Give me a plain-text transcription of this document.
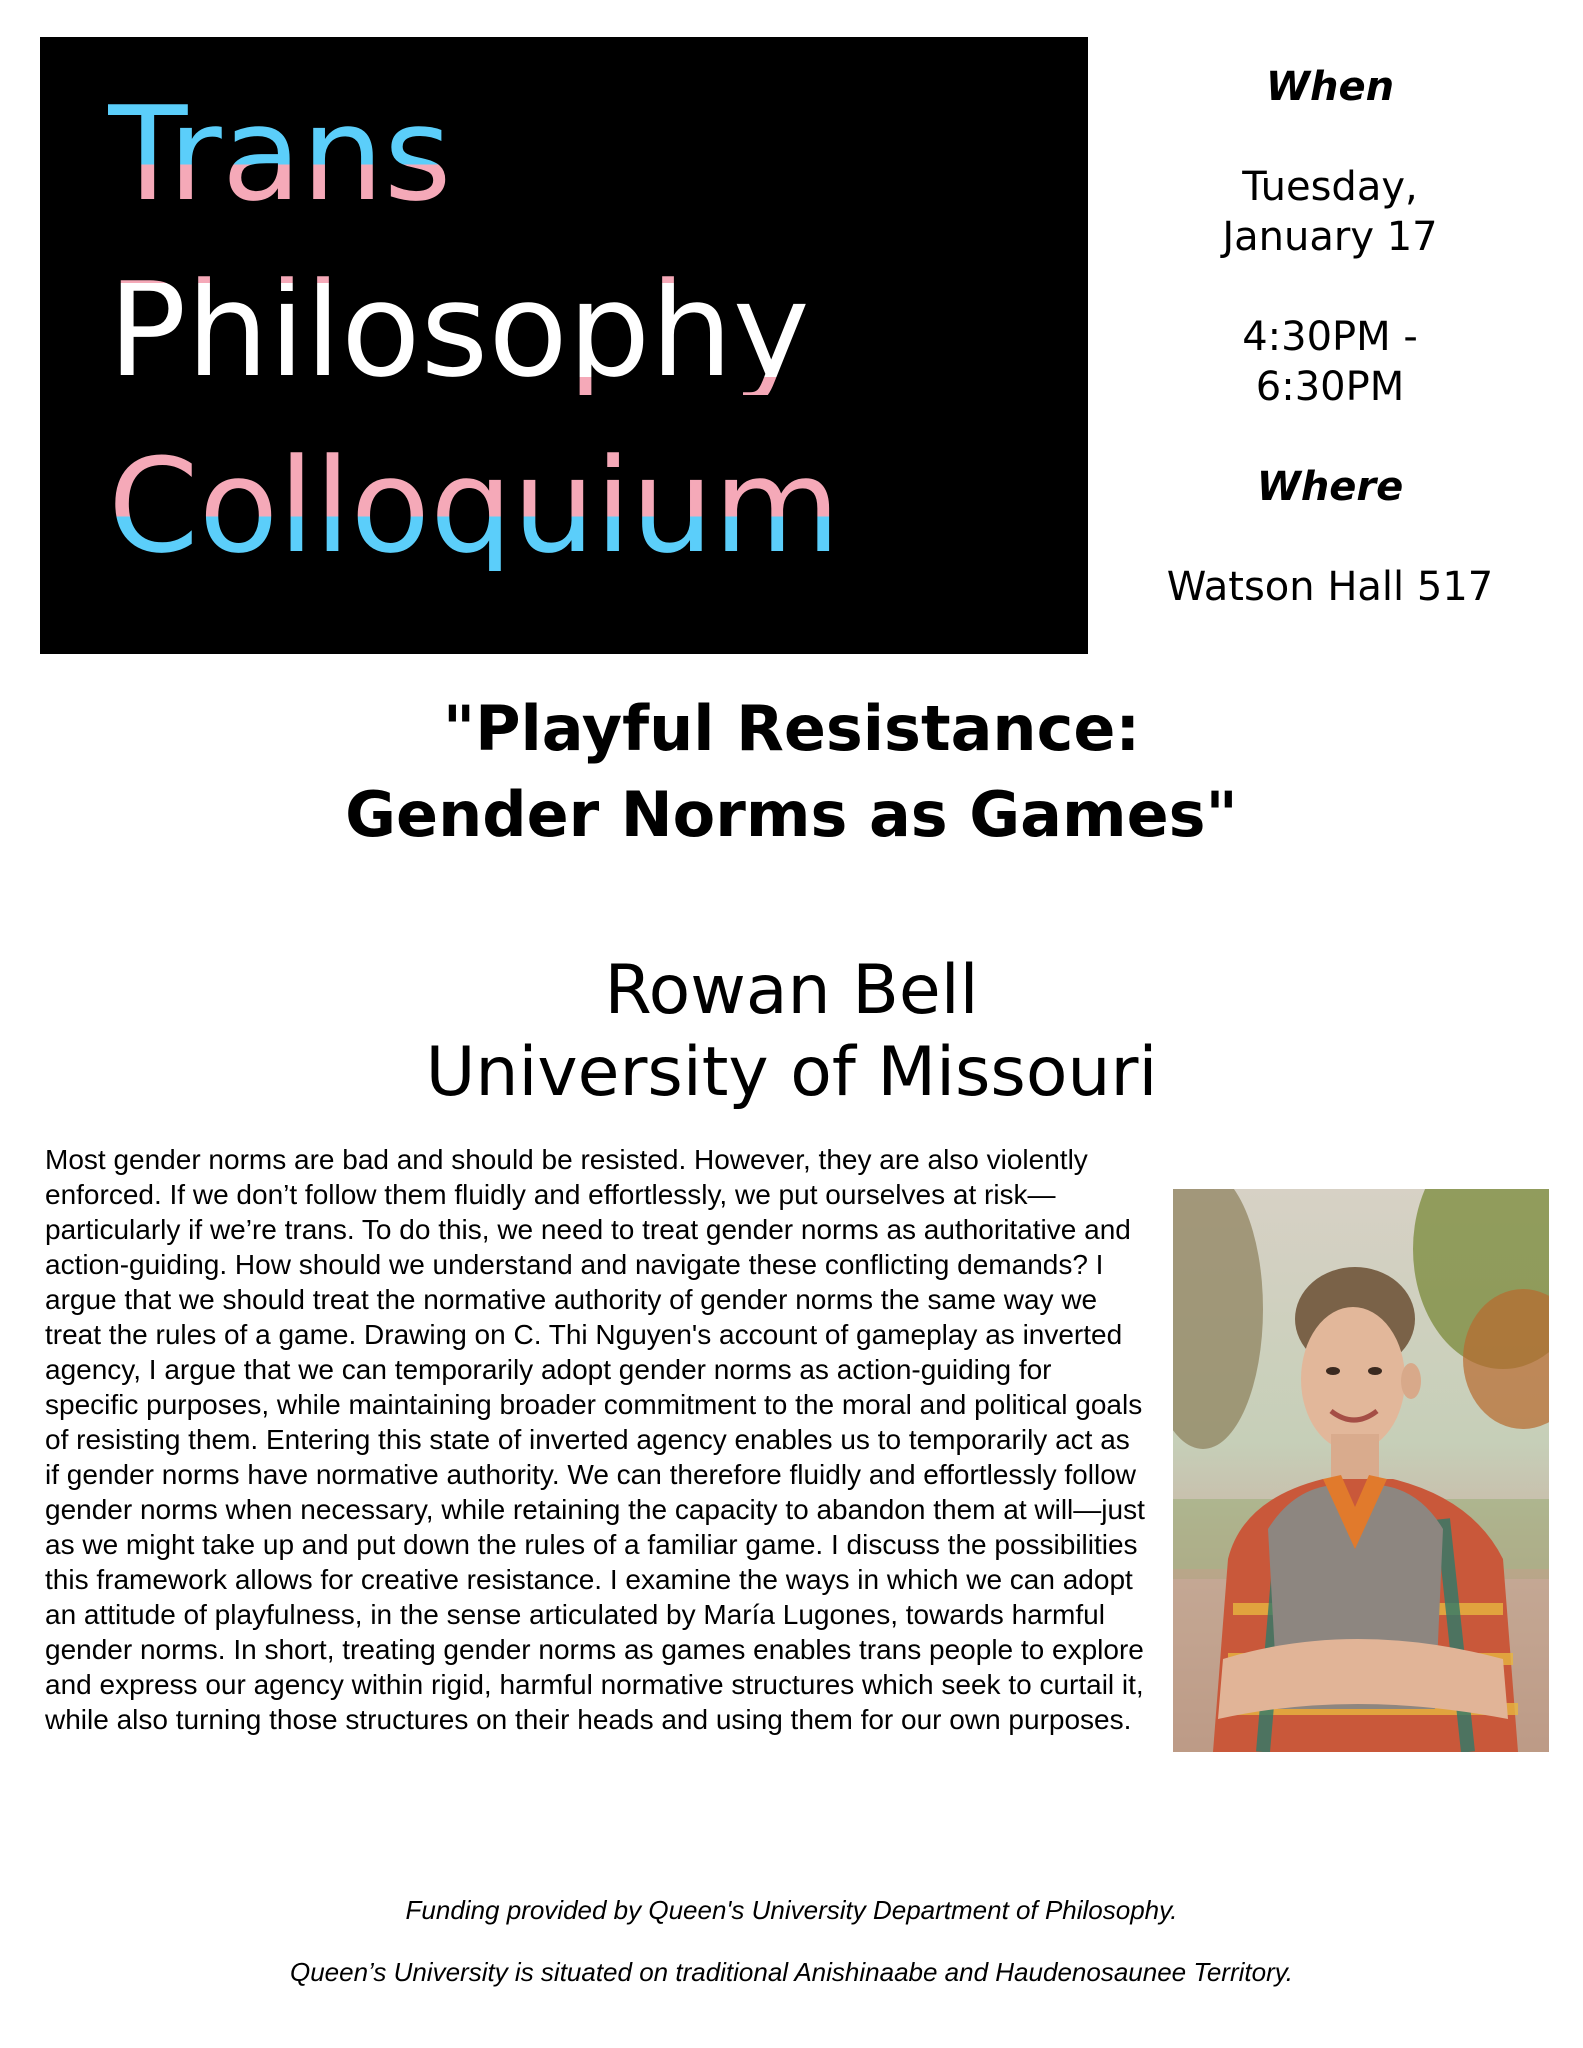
Trans
Philosophy
Colloquium
When
Tuesday,
January 17
4:30PM -
6:30PM
Where
Watson Hall 517
"Playful Resistance:
Gender Norms as Games"
Rowan Bell
University of Missouri

Most gender norms are bad and should be resisted. However, they are also violently enforced. If we don’t follow them fluidly and effortlessly, we put ourselves at risk—particularly if we’re trans. To do this, we need to treat gender norms as authoritative and action-guiding. How should we understand and navigate these conflicting demands? I argue that we should treat the normative authority of gender norms the same way we treat the rules of a game. Drawing on C. Thi Nguyen's account of gameplay as inverted agency, I argue that we can temporarily adopt gender norms as action-guiding for specific purposes, while maintaining broader commitment to the moral and political goals of resisting them. Entering this state of inverted agency enables us to temporarily act as if gender norms have normative authority. We can therefore fluidly and effortlessly follow gender norms when necessary, while retaining the capacity to abandon them at will—just as we might take up and put down the rules of a familiar game. I discuss the possibilities this framework allows for creative resistance. I examine the ways in which we can adopt an attitude of playfulness, in the sense articulated by María Lugones, towards harmful gender norms. In short, treating gender norms as games enables trans people to explore and express our agency within rigid, harmful normative structures which seek to curtail it, while also turning those structures on their heads and using them for our own purposes.

Funding provided by Queen's University Department of Philosophy.
Queen’s University is situated on traditional Anishinaabe and Haudenosaunee Territory.
